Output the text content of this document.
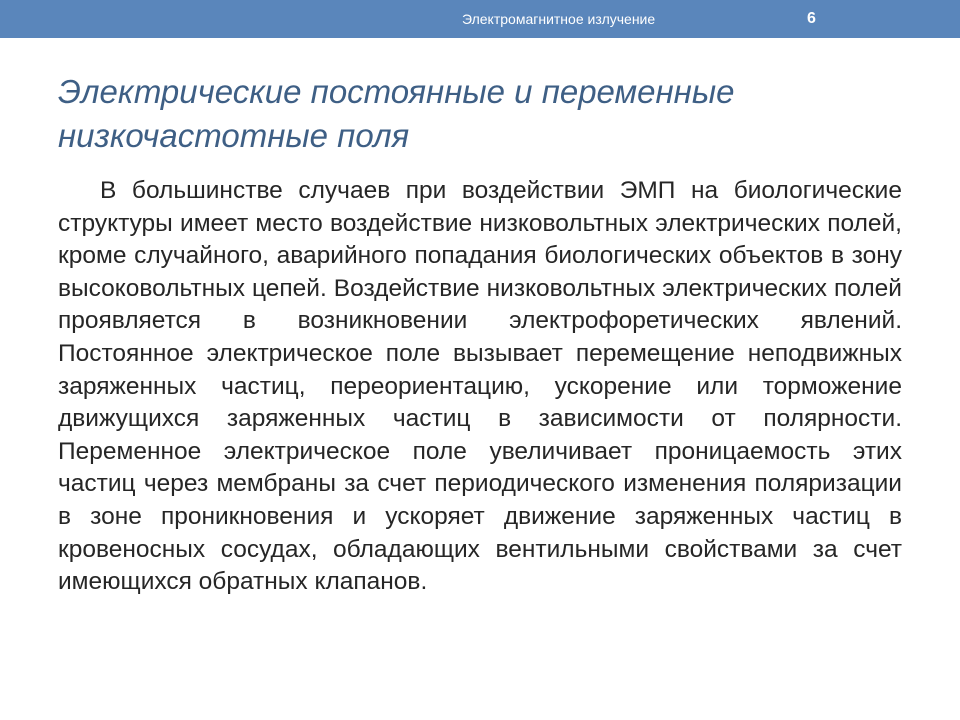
Электромагнитное излучение	6
Электрические постоянные и переменные низкочастотные поля

В большинстве случаев при воздействии ЭМП на биологические структуры имеет место воздействие низковольтных электрических полей, кроме случайного, аварийного попадания биологических объектов в зону высоковольтных цепей. Воздействие низковольтных электрических полей проявляется в возникновении электрофоретических явлений. Постоянное электрическое поле вызывает перемещение неподвижных заряженных частиц, переориентацию, ускорение или торможение движущихся заряженных частиц в зависимости от полярности. Переменное электрическое поле увеличивает проницаемость этих частиц через мембраны за счет периодического изменения поляризации в зоне проникновения и ускоряет движение заряженных частиц в кровеносных сосудах, обладающих вентильными свойствами за счет имеющихся обратных клапанов.
